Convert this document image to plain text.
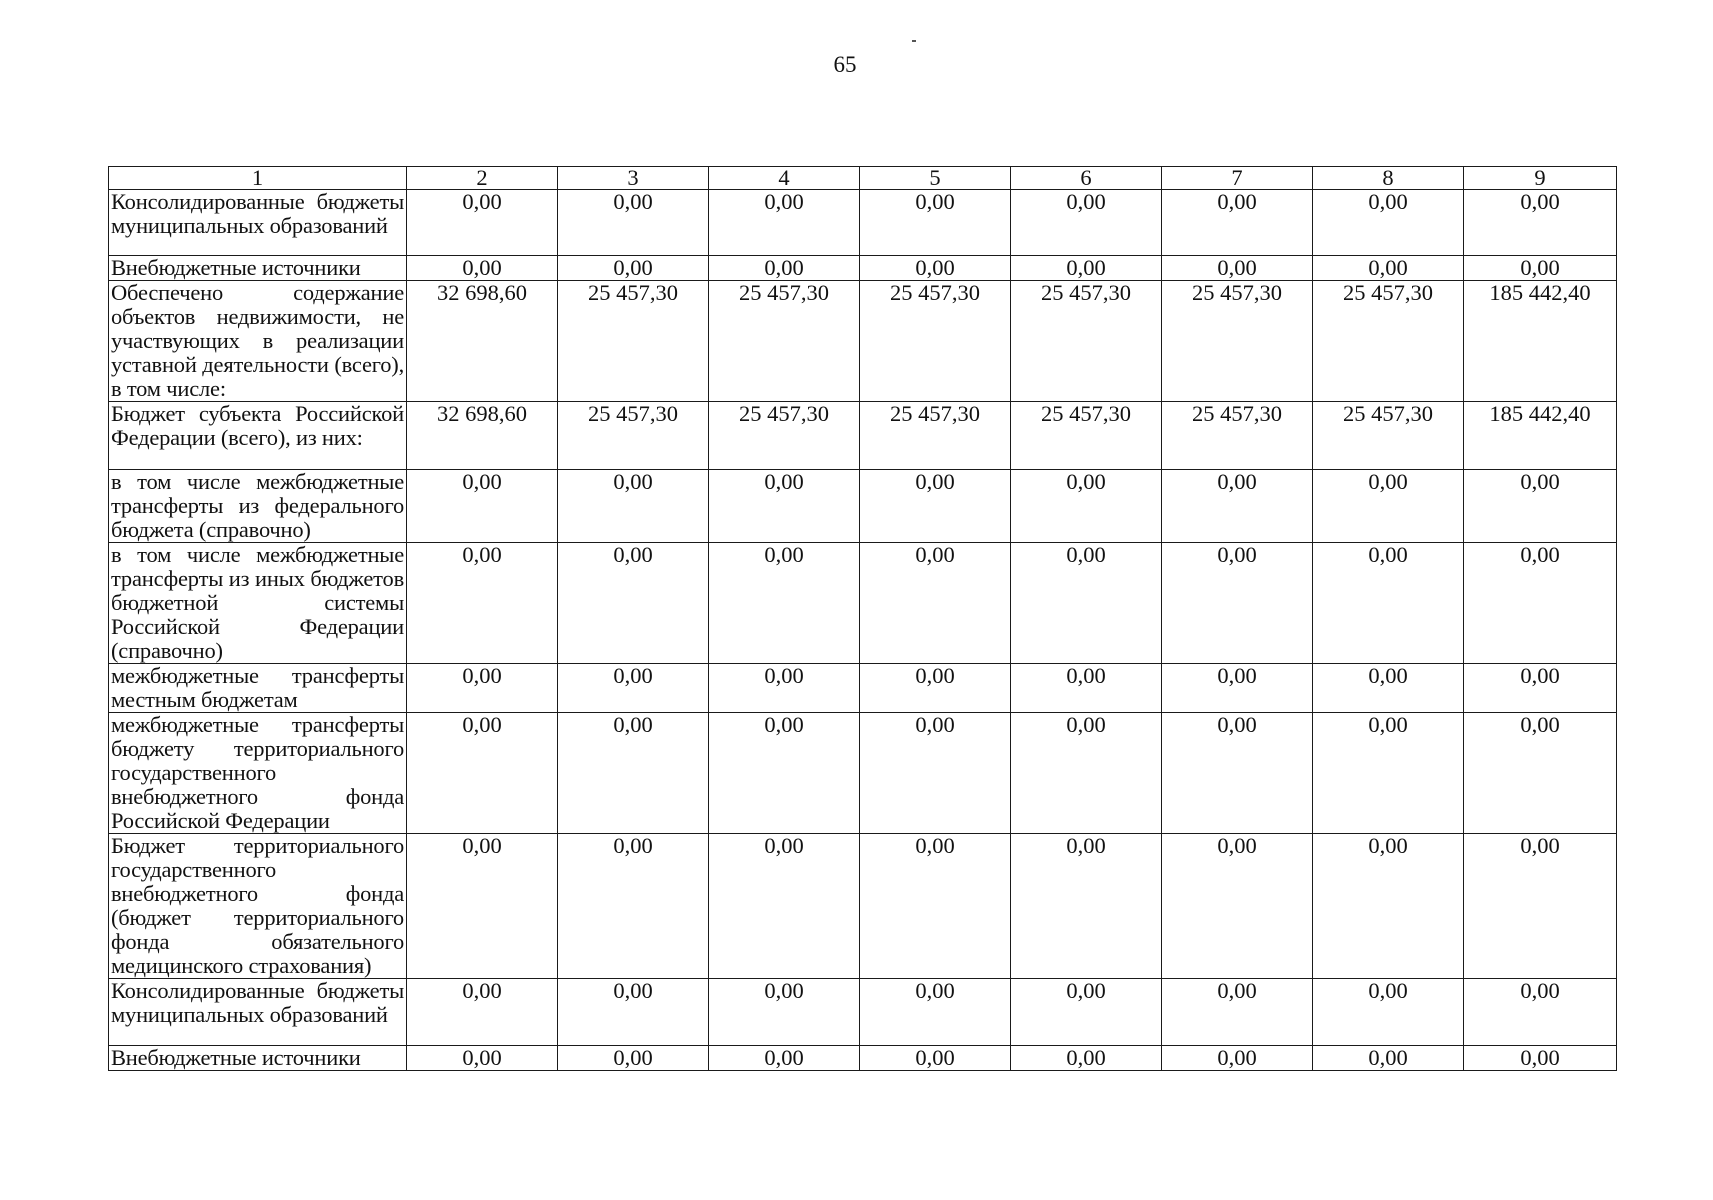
65
1	2	3	4	5	6	7	8	9
Консолидированные бюджеты муниципальных образований	0,00	0,00	0,00	0,00	0,00	0,00	0,00	0,00
Внебюджетные источники	0,00	0,00	0,00	0,00	0,00	0,00	0,00	0,00
Обеспечено содержание объектов недвижимости, не участвующих в реализации уставной деятельности (всего), в том числе:	32 698,60	25 457,30	25 457,30	25 457,30	25 457,30	25 457,30	25 457,30	185 442,40
Бюджет субъекта Российской Федерации (всего), из них:	32 698,60	25 457,30	25 457,30	25 457,30	25 457,30	25 457,30	25 457,30	185 442,40
в том числе межбюджетные трансферты из федерального бюджета (справочно)	0,00	0,00	0,00	0,00	0,00	0,00	0,00	0,00
в том числе межбюджетные трансферты из иных бюджетов бюджетной системы Российской Федерации (справочно)	0,00	0,00	0,00	0,00	0,00	0,00	0,00	0,00
межбюджетные трансферты местным бюджетам	0,00	0,00	0,00	0,00	0,00	0,00	0,00	0,00
межбюджетные трансферты бюджету территориального государственного внебюджетного фонда Российской Федерации	0,00	0,00	0,00	0,00	0,00	0,00	0,00	0,00
Бюджет территориального государственного внебюджетного фонда (бюджет территориального фонда обязательного медицинского страхования)	0,00	0,00	0,00	0,00	0,00	0,00	0,00	0,00
Консолидированные бюджеты муниципальных образований	0,00	0,00	0,00	0,00	0,00	0,00	0,00	0,00
Внебюджетные источники	0,00	0,00	0,00	0,00	0,00	0,00	0,00	0,00
